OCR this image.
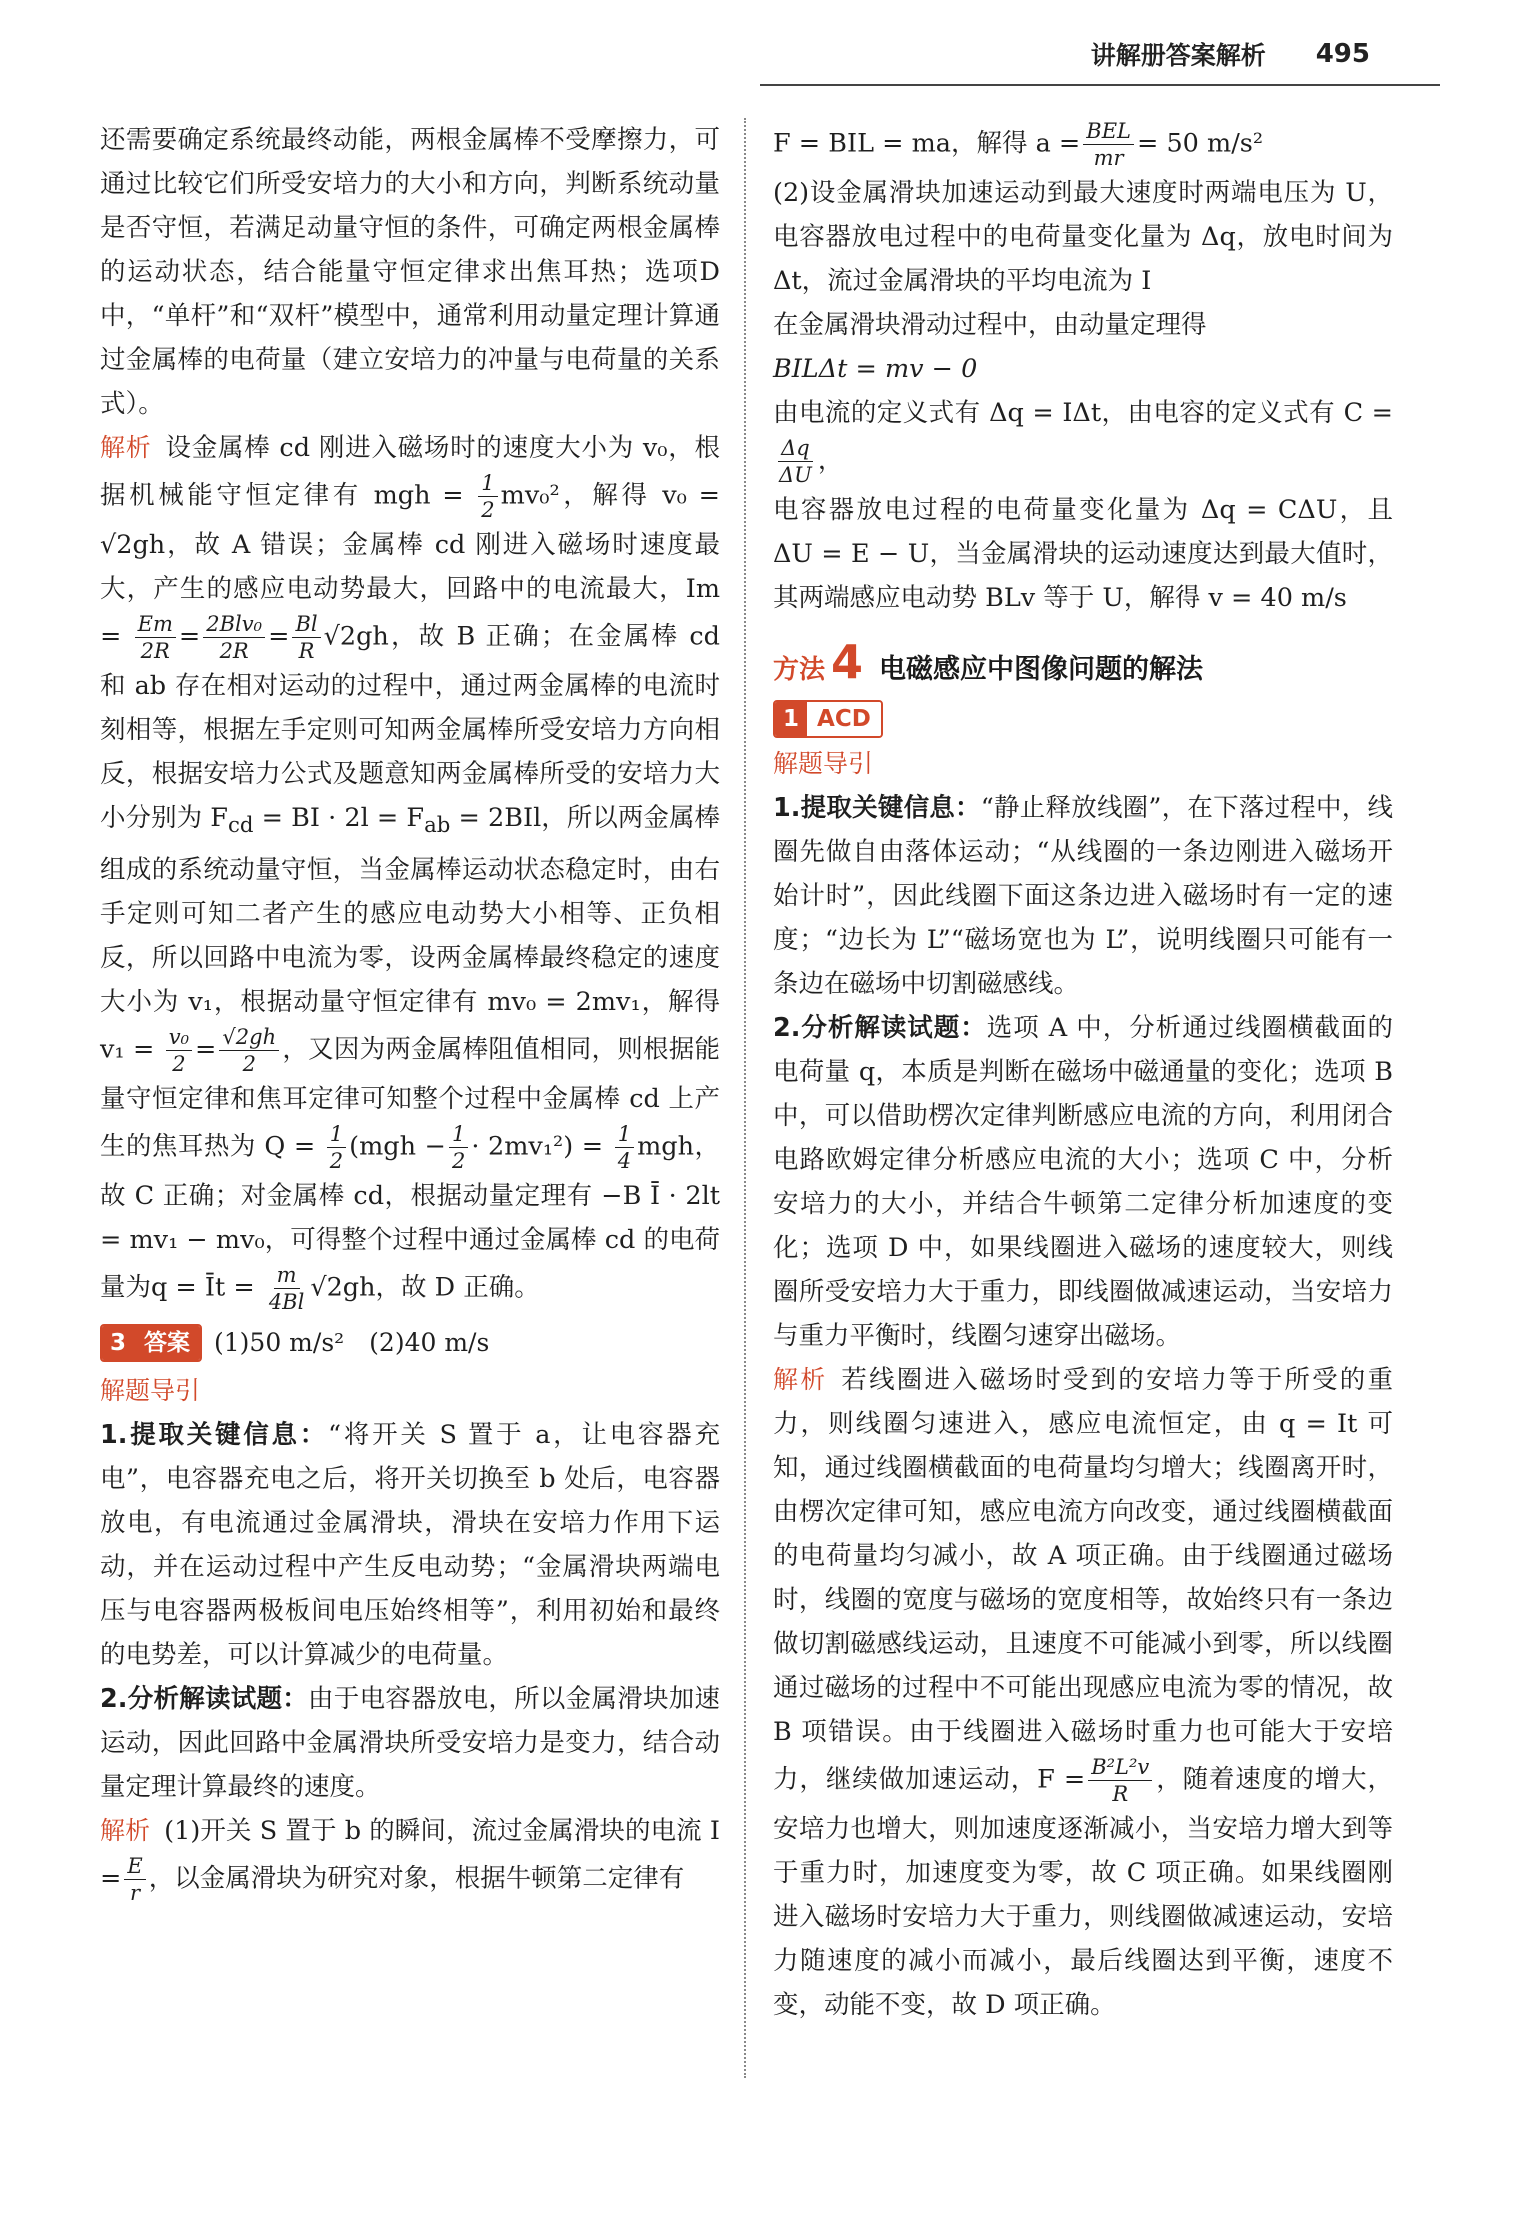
讲解册答案解析 495

还需要确定系统最终动能，两根金属棒不受摩擦力，可通过比较它们所受安培力的大小和方向，判断系统动量是否守恒，若满足动量守恒的条件，可确定两根金属棒的运动状态，结合能量守恒定律求出焦耳热；选项D中，“单杆”和“双杆”模型中，通常利用动量定理计算通过金属棒的电荷量（建立安培力的冲量与电荷量的关系式）。

解析 设金属棒 cd 刚进入磁场时的速度大小为 v₀，根据机械能守恒定律有 mgh = $\frac{1}{2} mv_0^2$，解得 v₀ = √2gh，故 A 错误；金属棒 cd 刚进入磁场时速度最大，产生的感应电动势最大，回路中的电流最大，$Im = \frac{Em}{2R} = \frac{\text{2Blv₀}}{2R} = \frac{Bl}{R} √2gh$，故 B 正确；在金属棒 cd 和 ab 存在相对运动的过程中，通过两金属棒的电流时刻相等，根据左手定则可知两金属棒所受安培力方向相反，根据安培力公式及题意知两金属棒所受的安培力大小分别为 $F_{cd}$ = BI · $2l = F_{ab} = 2BIl$，所以两金属棒组成的系统动量守恒，当金属棒运动状态稳定时，由右手定则可知二者产生的感应电动势大小相等、正负相反，所以回路中电流为零，设两金属棒最终稳定的速度大小为 v₁，根据动量守恒定律有 mv₀ = 2mv₁，解得$v_1 = \frac{\text{v₀}}{2} = \frac{√2gh}{2}$ ，又因为两金属棒阻值相同，则根据能量守恒定律和焦耳定律可知整个过程中金属棒 cd 上产生的焦耳热为 $Q = \frac{1}{2} (mgh - \frac{1}{2} \cdot 2mv_1^2) = \frac{1}{4}$ mgh，故 C 正确；对金属棒 cd，根据动量定理有 −B Ī · 2lt = mv₁ − mv₀，可得整个过程中通过金属棒 cd 的电荷量为q = Īt = $\frac{m}{4Bl} √2gh$，故 D 正确。

3 答案 (1)50 m/s²　(2)40 m/s

解题导引

1.提取关键信息：“将开关 S 置于 a，让电容器充电”，电容器充电之后，将开关切换至 b 处后，电容器放电，有电流通过金属滑块，滑块在安培力作用下运动，并在运动过程中产生反电动势；“金属滑块两端电压与电容器两极板间电压始终相等”，利用初始和最终的电势差，可以计算减少的电荷量。

2.分析解读试题：由于电容器放电，所以金属滑块加速运动，因此回路中金属滑块所受安培力是变力，结合动量定理计算最终的速度。

解析 (1)开关 S 置于 b 的瞬间，流过金属滑块的电流 $I = \frac{E}{r}$ ，以金属滑块为研究对象，根据牛顿第二定律有

F = BIL = ma，解得 $a = \frac{\text{BEL}}{mr} = 50$ m/s²

(2)设金属滑块加速运动到最大速度时两端电压为 U，电容器放电过程中的电荷量变化量为 Δq，放电时间为 Δt，流过金属滑块的平均电流为 I

在金属滑块滑动过程中，由动量定理得

BILΔt = mv − 0

由电流的定义式有 Δq = IΔt，由电容的定义式有 C =
$\frac{\Delta q}{\Delta U}$ ，

电容器放电过程的电荷量变化量为 Δq = CΔU，且 ΔU = E − U，当金属滑块的运动速度达到最大值时，其两端感应电动势 BLv 等于 U，解得 v = 40 m/s

方法 4 电磁感应中图像问题的解法
1 ACD

解题导引

1.提取关键信息：“静止释放线圈”，在下落过程中，线圈先做自由落体运动；“从线圈的一条边刚进入磁场开始计时”，因此线圈下面这条边进入磁场时有一定的速度；“边长为 L”“磁场宽也为 L”，说明线圈只可能有一条边在磁场中切割磁感线。

2.分析解读试题：选项 A 中，分析通过线圈横截面的电荷量 q，本质是判断在磁场中磁通量的变化；选项 B 中，可以借助楞次定律判断感应电流的方向，利用闭合电路欧姆定律分析感应电流的大小；选项 C 中，分析安培力的大小，并结合牛顿第二定律分析加速度的变化；选项 D 中，如果线圈进入磁场的速度较大，则线圈所受安培力大于重力，即线圈做减速运动，当安培力与重力平衡时，线圈匀速穿出磁场。

解析 若线圈进入磁场时受到的安培力等于所受的重力，则线圈匀速进入，感应电流恒定，由 q = It 可知，通过线圈横截面的电荷量均匀增大；线圈离开时，由楞次定律可知，感应电流方向改变，通过线圈横截面的电荷量均匀减小，故 A 项正确。由于线圈通过磁场时，线圈的宽度与磁场的宽度相等，故始终只有一条边做切割磁感线运动，且速度不可能减小到零，所以线圈通过磁场的过程中不可能出现感应电流为零的情况，故 B 项错误。由于线圈进入磁场时重力也可能大于安培力，继续做加速运动，$F = \frac{\text{B²L²v}}{R}$ ，随着速度的增大，安培力也增大，则加速度逐渐减小，当安培力增大到等于重力时，加速度变为零，故 C 项正确。如果线圈刚进入磁场时安培力大于重力，则线圈做减速运动，安培力随速度的减小而减小，最后线圈达到平衡，速度不变，动能不变，故 D 项正确。
